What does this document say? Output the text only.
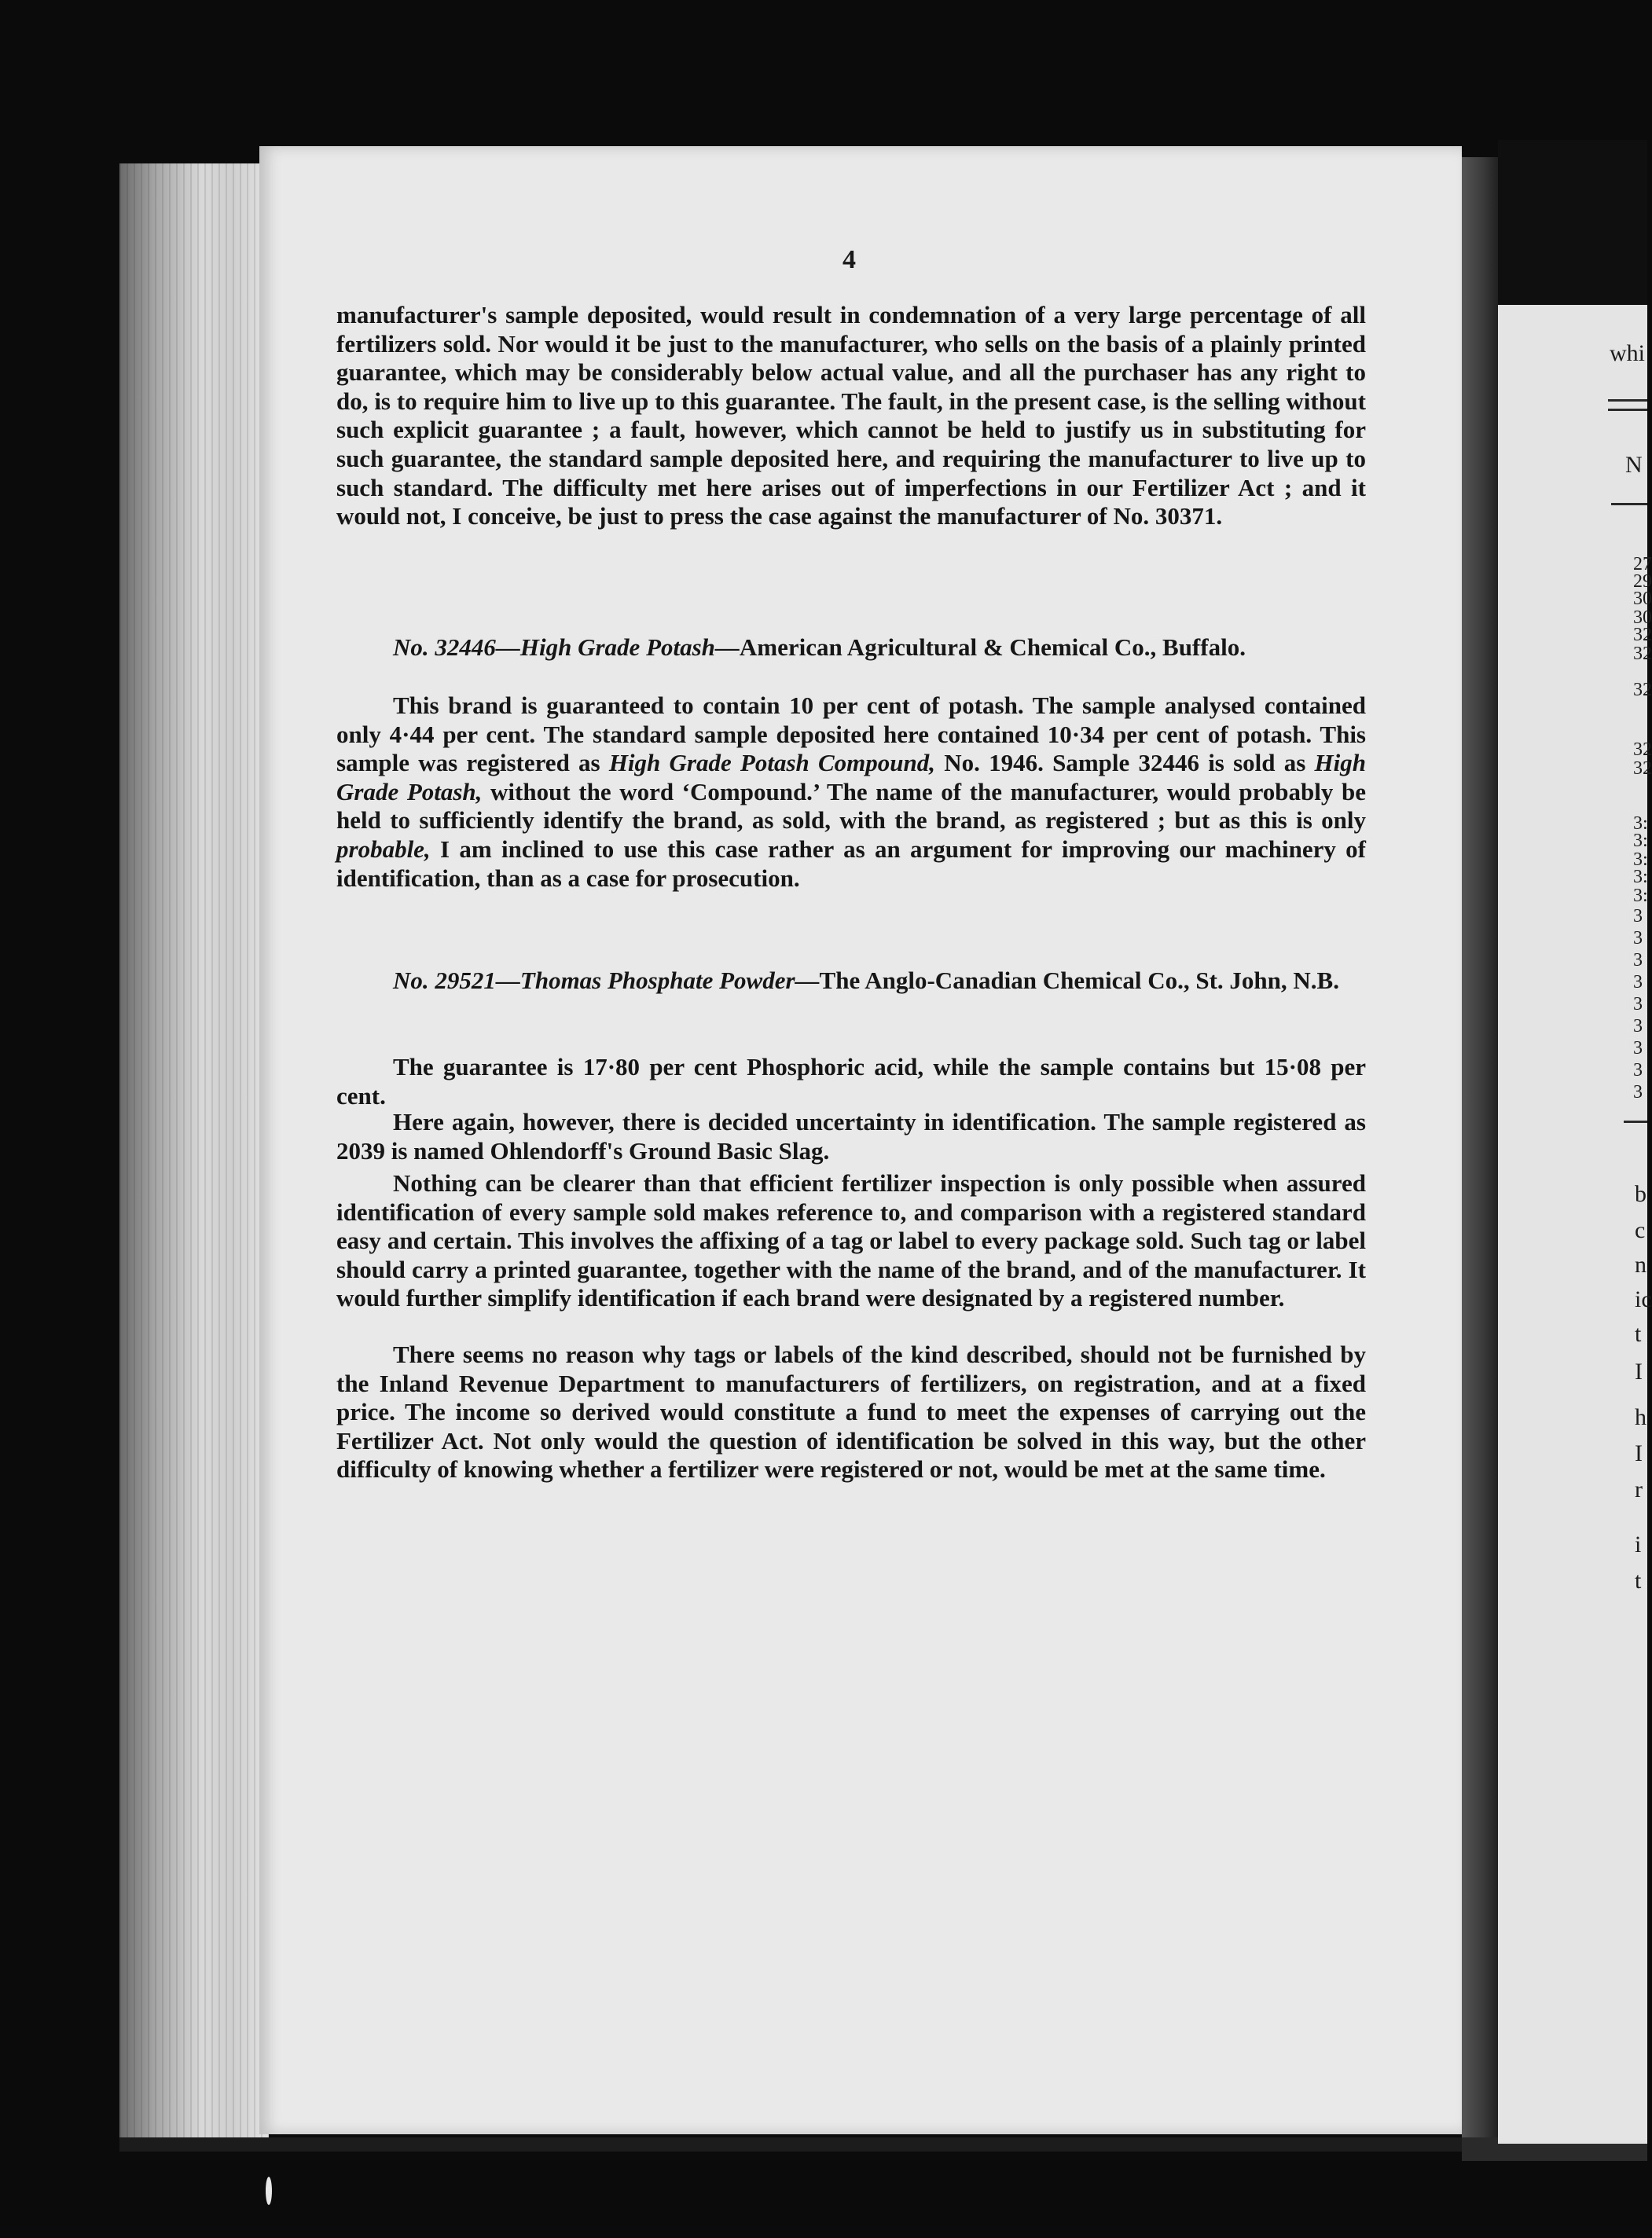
whi
N
27
29
30
30
32
32
32
32
32
3:
3:
3:
3:
3:
3
3
3
3
3
3
3
3
3
b
c
n
ic
t
I
h
I
r
i
t
4

manufacturer's sample deposited, would result in condemnation of a very large percentage of all fertilizers sold. Nor would it be just to the manufacturer, who sells on the basis of a plainly printed guarantee, which may be considerably below actual value, and all the purchaser has any right to do, is to require him to live up to this guarantee. The fault, in the present case, is the selling without such explicit guarantee ; a fault, however, which cannot be held to justify us in substituting for such guarantee, the standard sample deposited here, and requiring the manufacturer to live up to such standard. The difficulty met here arises out of imperfections in our Fertilizer Act ; and it would not, I conceive, be just to press the case against the manufacturer of No. 30371.

No. 32446—High Grade Potash—American Agricultural & Chemical Co., Buffalo.

This brand is guaranteed to contain 10 per cent of potash. The sample analysed contained only 4·44 per cent. The standard sample deposited here contained 10·34 per cent of potash. This sample was registered as High Grade Potash Compound, No. 1946. Sample 32446 is sold as High Grade Potash, without the word ‘Compound.’ The name of the manufacturer, would probably be held to sufficiently identify the brand, as sold, with the brand, as registered ; but as this is only probable, I am inclined to use this case rather as an argument for improving our machinery of identification, than as a case for prosecution.

No. 29521—Thomas Phosphate Powder—The Anglo-Canadian Chemical Co., St. John, N.B.

The guarantee is 17·80 per cent Phosphoric acid, while the sample contains but 15·08 per cent.

Here again, however, there is decided uncertainty in identification. The sample registered as 2039 is named Ohlendorff's Ground Basic Slag.

Nothing can be clearer than that efficient fertilizer inspection is only possible when assured identification of every sample sold makes reference to, and comparison with a registered standard easy and certain. This involves the affixing of a tag or label to every package sold. Such tag or label should carry a printed guarantee, together with the name of the brand, and of the manufacturer. It would further simplify identification if each brand were designated by a registered number.

There seems no reason why tags or labels of the kind described, should not be furnished by the Inland Revenue Department to manufacturers of fertilizers, on registration, and at a fixed price. The income so derived would constitute a fund to meet the expenses of carrying out the Fertilizer Act. Not only would the question of identification be solved in this way, but the other difficulty of knowing whether a fertilizer were registered or not, would be met at the same time.
